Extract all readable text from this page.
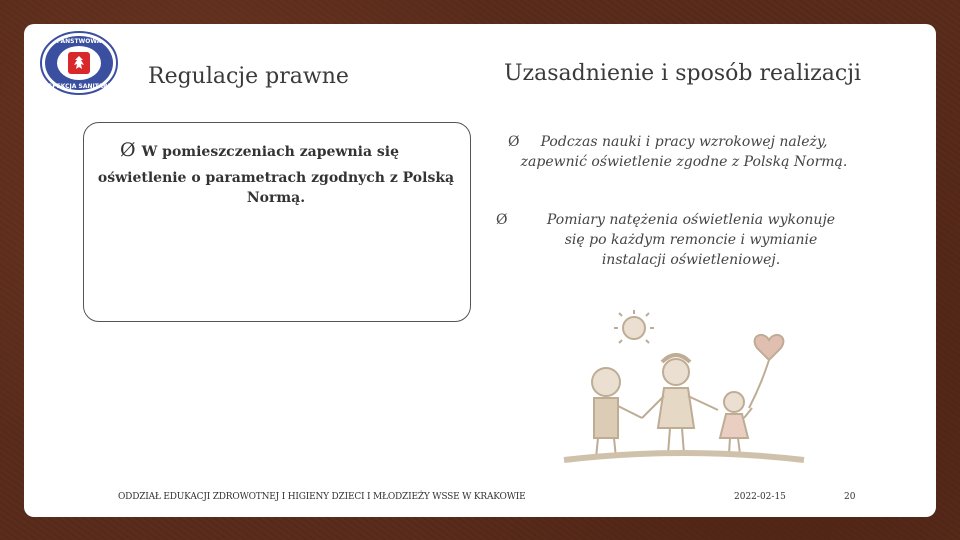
PAŃSTWOWA
INSPEKCJA SANITARNA Regulacje prawne	Uzasadnienie i sposób realizacji
Ø W pomieszczeniach zapewnia się
oświetlenie o parametrach zgodnych z Polską Normą.
Ø Podczas nauki i pracy wzrokowej należy, zapewnić oświetlenie zgodne z Polską Normą.
Ø	Pomiary natężenia oświetlenia wykonuje się po każdym remoncie i wymianie instalacji oświetleniowej.
ODDZIAŁ EDUKACJI ZDROWOTNEJ I HIGIENY DZIECI I MŁODZIEŻY WSSE W KRAKOWIE	2022-02-15	20
